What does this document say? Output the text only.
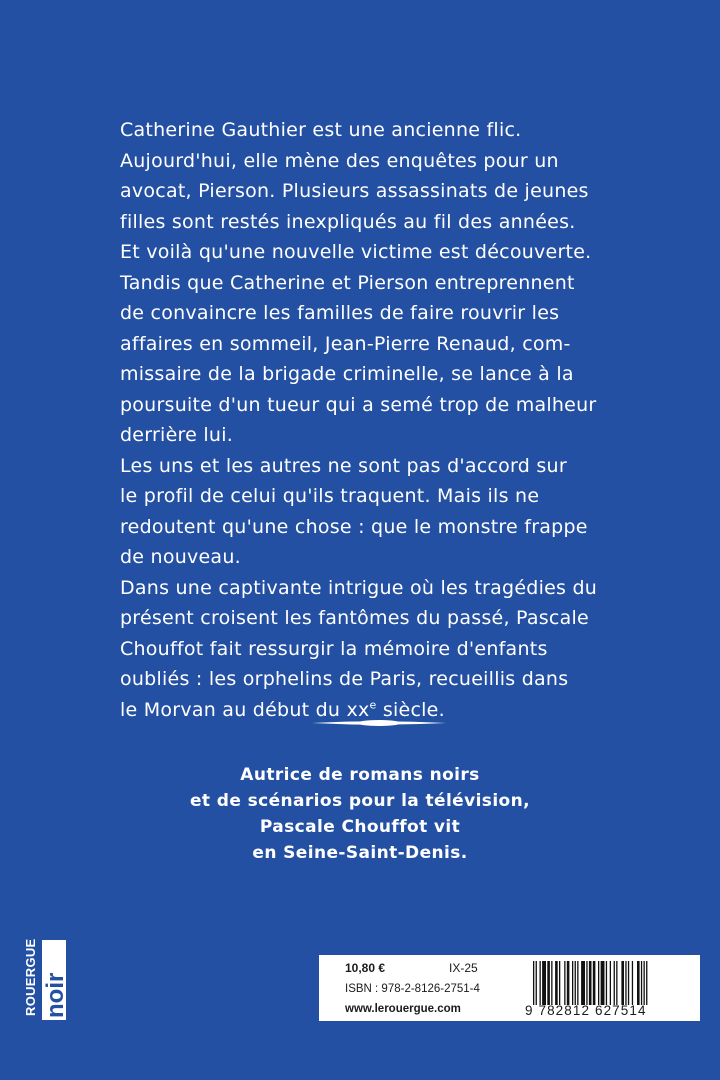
Catherine Gauthier est une ancienne flic.
Aujourd'hui, elle mène des enquêtes pour un
avocat, Pierson. Plusieurs assassinats de jeunes
filles sont restés inexpliqués au fil des années.
Et voilà qu'une nouvelle victime est découverte.
Tandis que Catherine et Pierson entreprennent
de convaincre les familles de faire rouvrir les
affaires en sommeil, Jean-Pierre Renaud, com-
missaire de la brigade criminelle, se lance à la
poursuite d'un tueur qui a semé trop de malheur
derrière lui.

Les uns et les autres ne sont pas d'accord sur
le profil de celui qu'ils traquent. Mais ils ne
redoutent qu'une chose : que le monstre frappe
de nouveau.

Dans une captivante intrigue où les tragédies du
présent croisent les fantômes du passé, Pascale
Chouffot fait ressurgir la mémoire d'enfants
oubliés : les orphelins de Paris, recueillis dans
le Morvan au début du $xx^e$ siècle.

Autrice de romans noirs
et de scénarios pour la télévision,
Pascale Chouffot vit
en Seine-Saint-Denis.
ROUERGUE noir
10,80 €	IX-25
ISBN : 978-2-8126-2751-4
www.lerouergue.com	9 782812 627514
